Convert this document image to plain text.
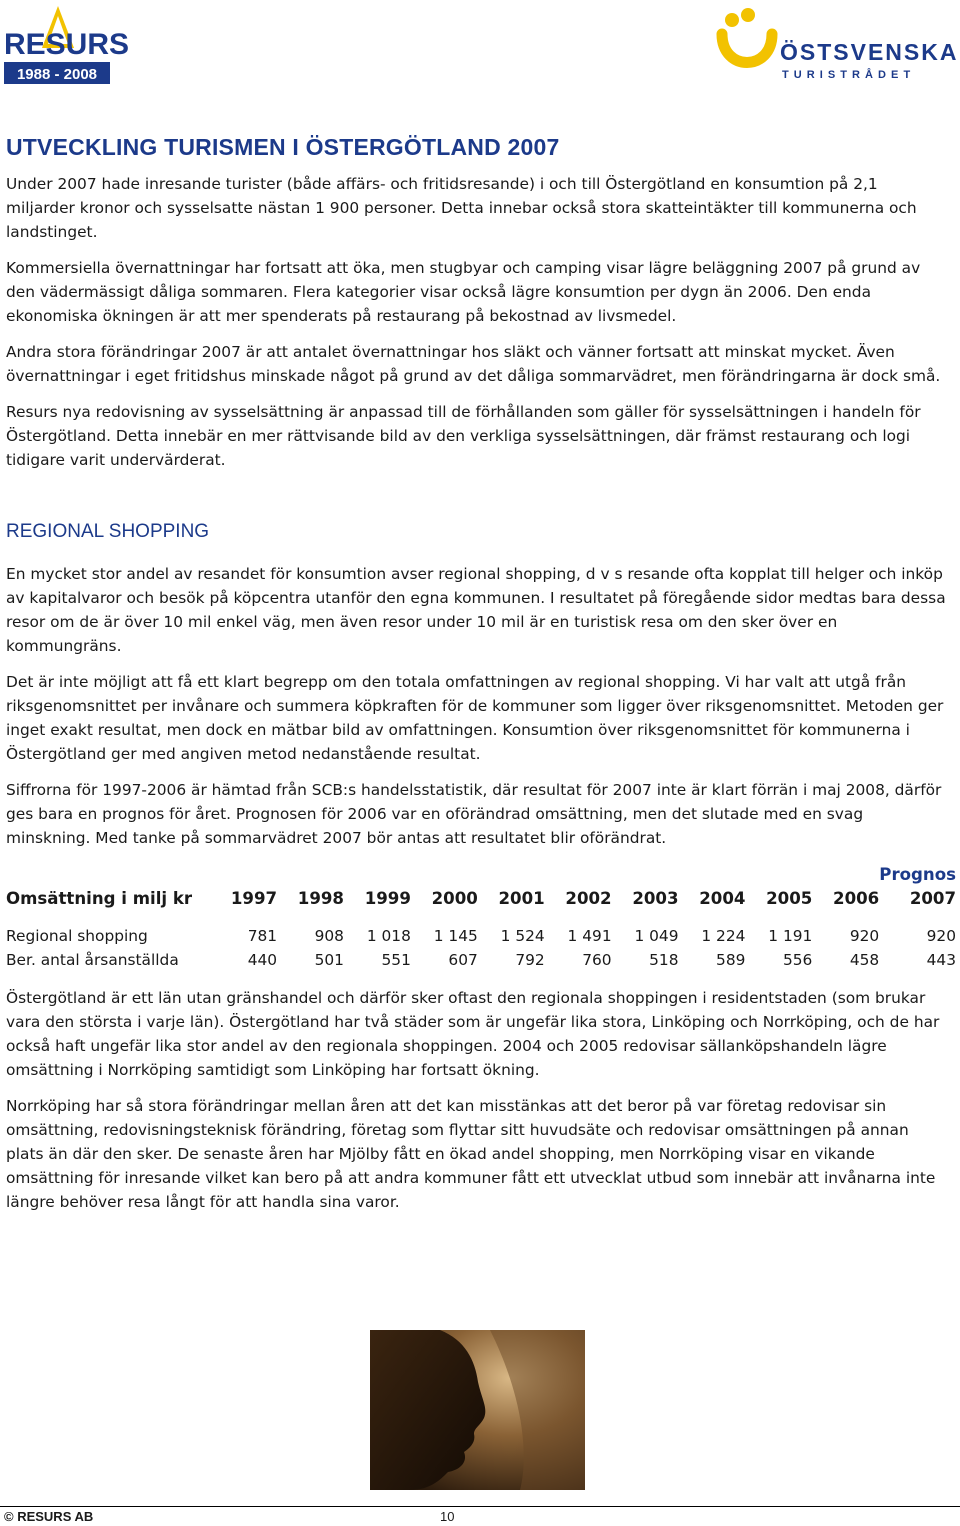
RESURS
1988 - 2008
ÖSTSVENSKA
T U R I S T R Å D E T
UTVECKLING TURISMEN I ÖSTERGÖTLAND 2007

Under 2007 hade inresande turister (både affärs- och fritidsresande) i och till Östergötland en konsumtion på 2,1 miljarder kronor och sysselsatte nästan 1 900 personer. Detta innebar också stora skatteintäkter till kommunerna och landstinget.

Kommersiella övernattningar har fortsatt att öka, men stugbyar och camping visar lägre beläggning 2007 på grund av den vädermässigt dåliga sommaren. Flera kategorier visar också lägre konsumtion per dygn än 2006. Den enda ekonomiska ökningen är att mer spenderats på restaurang på bekostnad av livsmedel.

Andra stora förändringar 2007 är att antalet övernattningar hos släkt och vänner fortsatt att minskat mycket. Även övernattningar i eget fritidshus minskade något på grund av det dåliga sommarvädret, men förändringarna är dock små.

Resurs nya redovisning av sysselsättning är anpassad till de förhållanden som gäller för sysselsättningen i handeln för Östergötland. Detta innebär en mer rättvisande bild av den verkliga sysselsättningen, där främst restaurang och logi tidigare varit undervärderat.

REGIONAL SHOPPING

En mycket stor andel av resandet för konsumtion avser regional shopping, d v s resande ofta kopplat till helger och inköp av kapitalvaror och besök på köpcentra utanför den egna kommunen. I resultatet på föregående sidor medtas bara dessa resor om de är över 10 mil enkel väg, men även resor under 10 mil är en turistisk resa om den sker över en kommungräns.

Det är inte möjligt att få ett klart begrepp om den totala omfattningen av regional shopping. Vi har valt att utgå från riksgenomsnittet per invånare och summera köpkraften för de kommuner som ligger över riksgenomsnittet. Metoden ger inget exakt resultat, men dock en mätbar bild av omfattningen. Konsumtion över riksgenomsnittet för kommunerna i Östergötland ger med angiven metod nedanstående resultat.

Siffrorna för 1997-2006 är hämtad från SCB:s handelsstatistik, där resultat för 2007 inte är klart förrän i maj 2008, därför ges bara en prognos för året. Prognosen för 2006 var en oförändrad omsättning, men det slutade med en svag minskning. Med tanke på sommarvädret 2007 bör antas att resultatet blir oförändrat.

											Prognos
Omsättning i milj kr	1997	1998	1999	2000	2001	2002	2003	2004	2005	2006	2007

Regional shopping	781	908	1 018	1 145	1 524	1 491	1 049	1 224	1 191	920	920
Ber. antal årsanställda	440	501	551	607	792	760	518	589	556	458	443

Östergötland är ett län utan gränshandel och därför sker oftast den regionala shoppingen i residentstaden (som brukar vara den största i varje län). Östergötland har två städer som är ungefär lika stora, Linköping och Norrköping, och de har också haft ungefär lika stor andel av den regionala shoppingen. 2004 och 2005 redovisar sällanköpshandeln lägre omsättning i Norrköping samtidigt som Linköping har fortsatt ökning.

Norrköping har så stora förändringar mellan åren att det kan misstänkas att det beror på var företag redovisar sin omsättning, redovisningsteknisk förändring, företag som flyttar sitt huvudsäte och redovisar omsättningen på annan plats än där den sker. De senaste åren har Mjölby fått en ökad andel shopping, men Norrköping visar en vikande omsättning för inresande vilket kan bero på att andra kommuner fått ett utvecklat utbud som innebär att invånarna inte längre behöver resa långt för att handla sina varor.

© RESURS AB	10
